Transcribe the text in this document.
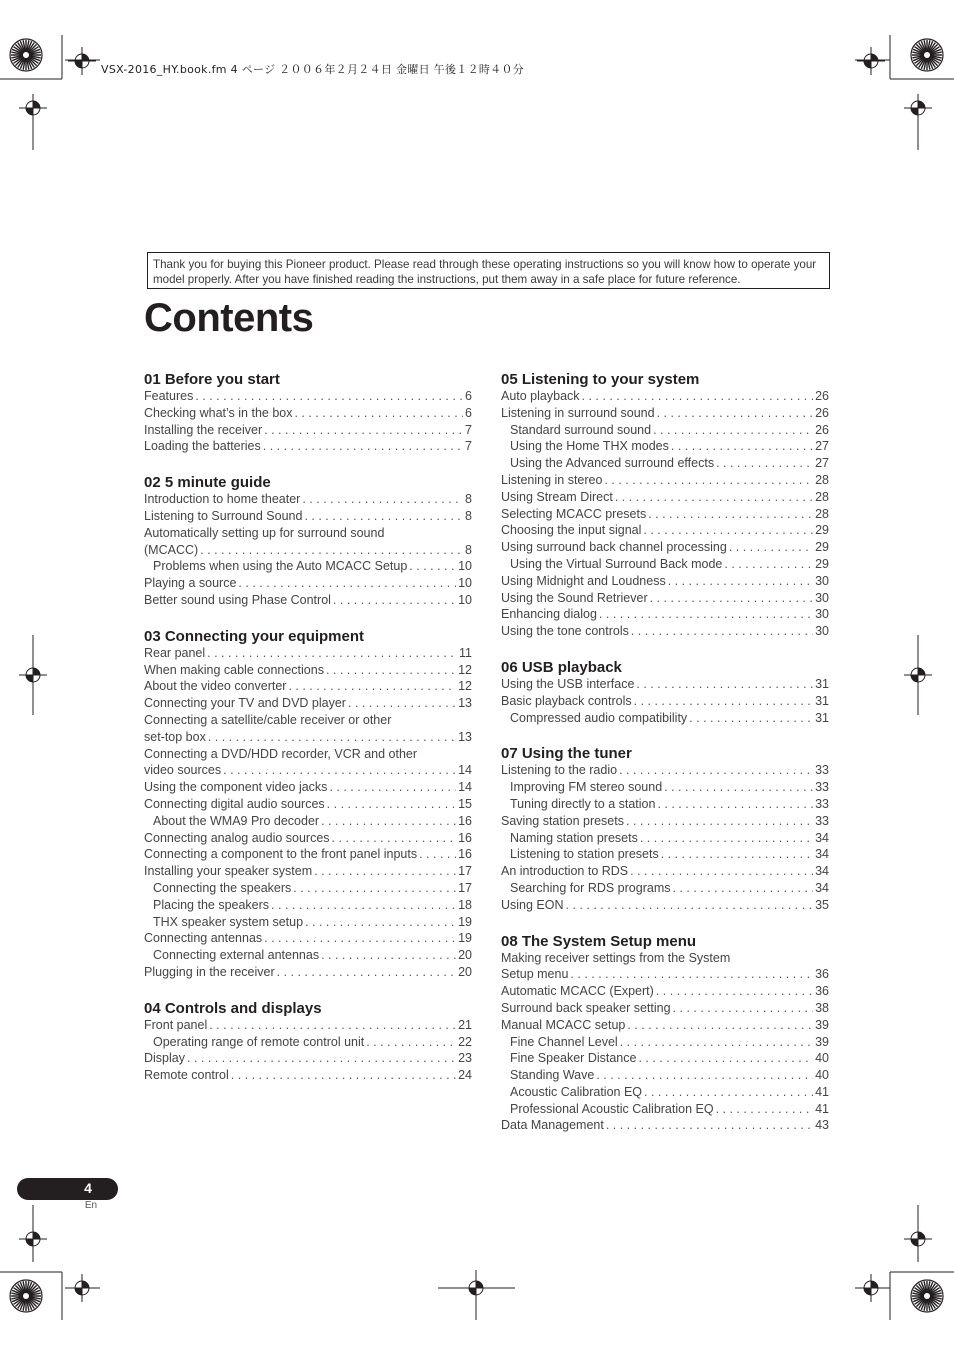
VSX-2016_HY.book.fm 4 ページ ２００６年２月２４日 金曜日 午後１２時４０分
Thank you for buying this Pioneer product. Please read through these operating instructions so you will know how to operate your model properly. After you have finished reading the instructions, put them away in a safe place for future reference.
Contents
01 Before you start
Features . . .	6
Checking what’s in the box . . .	6
Installing the receiver . . .	7
Loading the batteries . . .	7
02 5 minute guide
Introduction to home theater . . .	8
Listening to Surround Sound . . .	8
Automatically setting up for surround sound
(MCACC) . . .	8
Problems when using the Auto MCACC Setup . . .	10
Playing a source . . .	10
Better sound using Phase Control . . .	10
03 Connecting your equipment
Rear panel . . .	11
When making cable connections . . .	12
About the video converter . . .	12
Connecting your TV and DVD player . . .	13
Connecting a satellite/cable receiver or other
set-top box . . .	13
Connecting a DVD/HDD recorder, VCR and other
video sources . . .	14
Using the component video jacks . . .	14
Connecting digital audio sources . . .	15
About the WMA9 Pro decoder . . .	16
Connecting analog audio sources . . .	16
Connecting a component to the front panel inputs . . .	16
Installing your speaker system . . .	17
Connecting the speakers . . .	17
Placing the speakers . . .	18
THX speaker system setup . . .	19
Connecting antennas . . .	19
Connecting external antennas . . .	20
Plugging in the receiver . . .	20
04 Controls and displays
Front panel . . .	21
Operating range of remote control unit . . .	22
Display . . .	23
Remote control . . .	24
05 Listening to your system
Auto playback . . .	26
Listening in surround sound . . .	26
Standard surround sound . . .	26
Using the Home THX modes . . .	27
Using the Advanced surround effects . . .	27
Listening in stereo . . .	28
Using Stream Direct . . .	28
Selecting MCACC presets . . .	28
Choosing the input signal . . .	29
Using surround back channel processing . . .	29
Using the Virtual Surround Back mode . . .	29
Using Midnight and Loudness . . .	30
Using the Sound Retriever . . .	30
Enhancing dialog . . .	30
Using the tone controls . . .	30
06 USB playback
Using the USB interface . . .	31
Basic playback controls . . .	31
Compressed audio compatibility . . .	31
07 Using the tuner
Listening to the radio . . .	33
Improving FM stereo sound . . .	33
Tuning directly to a station . . .	33
Saving station presets . . .	33
Naming station presets . . .	34
Listening to station presets . . .	34
An introduction to RDS . . .	34
Searching for RDS programs . . .	34
Using EON . . .	35
08 The System Setup menu
Making receiver settings from the System
Setup menu . . .	36
Automatic MCACC (Expert) . . .	36
Surround back speaker setting . . .	38
Manual MCACC setup . . .	39
Fine Channel Level . . .	39
Fine Speaker Distance . . .	40
Standing Wave . . .	40
Acoustic Calibration EQ . . .	41
Professional Acoustic Calibration EQ . . .	41
Data Management . . .	43
4
En
